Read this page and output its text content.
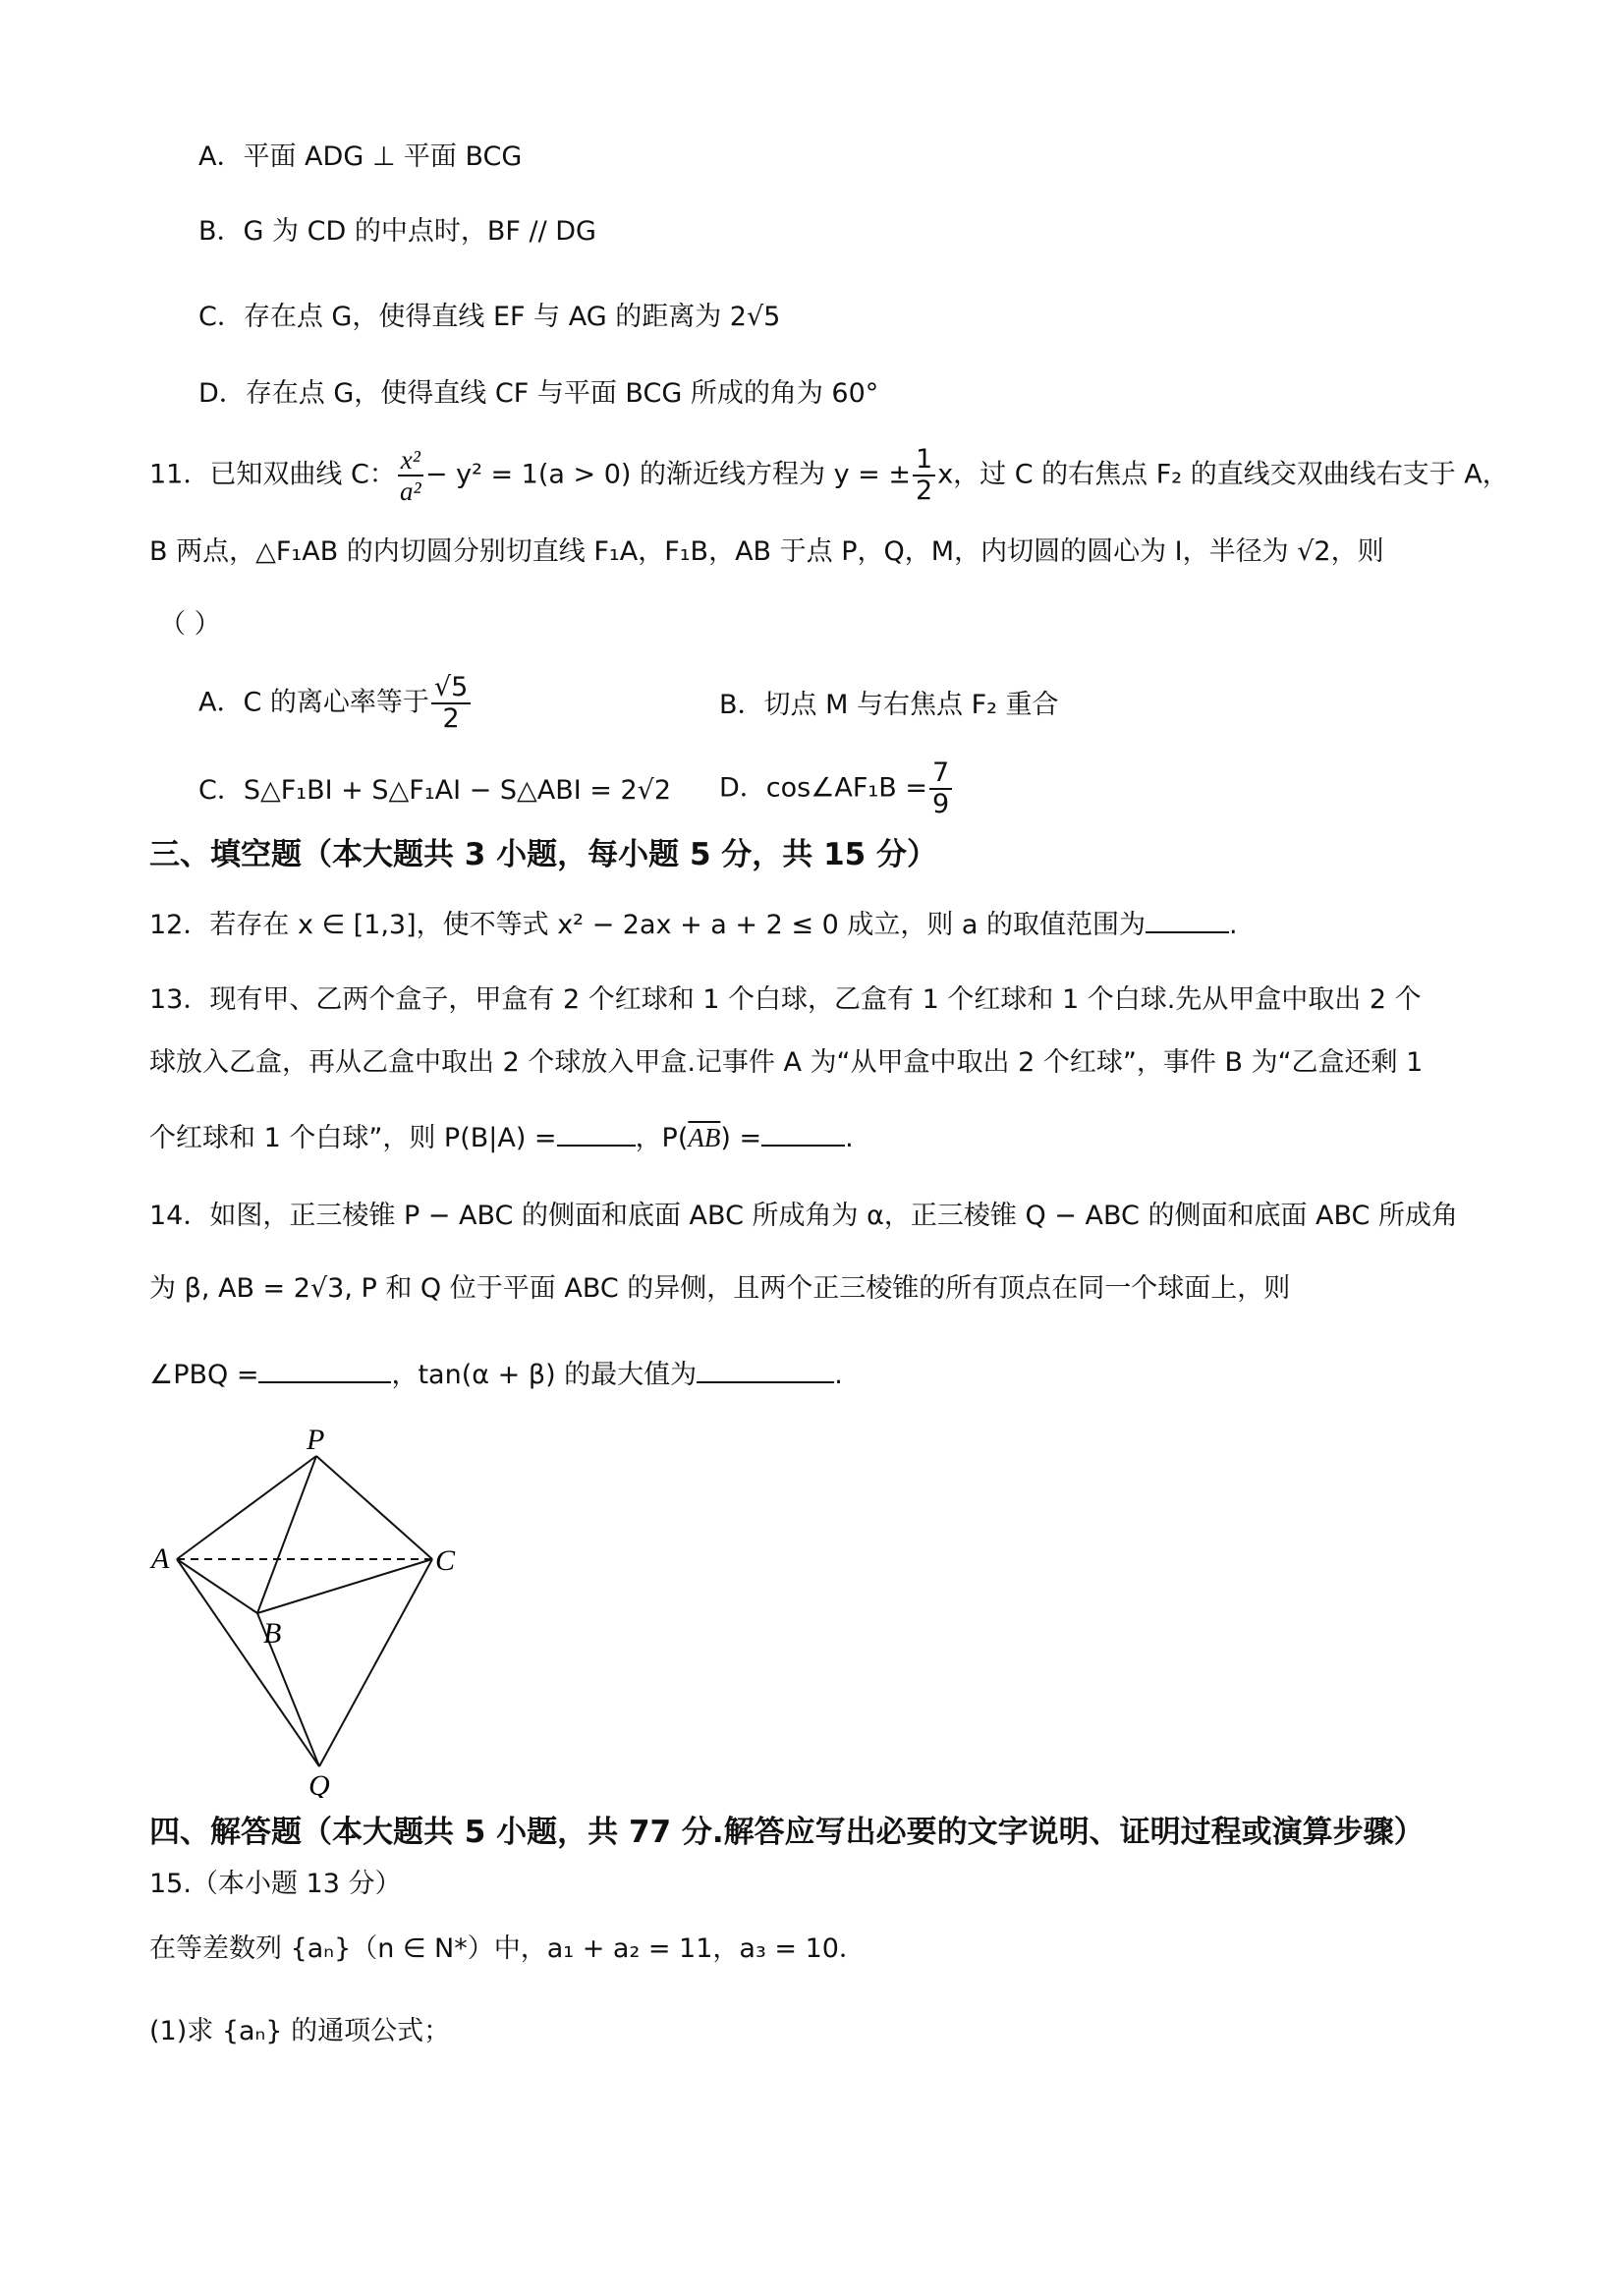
A．平面 ADG ⊥ 平面 BCG
B．G 为 CD 的中点时，BF // DG
C．存在点 G，使得直线 EF 与 AG 的距离为 2√5
D．存在点 G，使得直线 CF 与平面 BCG 所成的角为 60°
11．已知双曲线 C： $\frac{\text{x²}}{\text{a²}} - y^2 = 1(a > 0)$ 的渐近线方程为 y = ± $\frac{1}{2}$ x，过 C 的右焦点 F₂ 的直线交双曲线右支于 A，
B 两点，△F₁AB 的内切圆分别切直线 F₁A，F₁B，AB 于点 P，Q，M，内切圆的圆心为 I，半径为 √2，则
（ ）
A．C 的离心率等于 $\frac{√5}{2}$	B．切点 M 与右焦点 F₂ 重合
C．S△F₁BI + S△F₁AI − S△ABI = 2√2 D．cos∠AF₁B = $\frac{7}{9}$
三、填空题（本大题共 3 小题，每小题 5 分，共 15 分）
12．若存在 x ∈ [1,3]，使不等式 x² − 2ax + a + 2 ≤ 0 成立，则 a 的取值范围为	.
13．现有甲、乙两个盒子，甲盒有 2 个红球和 1 个白球，乙盒有 1 个红球和 1 个白球.先从甲盒中取出 2 个
球放入乙盒，再从乙盒中取出 2 个球放入甲盒.记事件 A 为“从甲盒中取出 2 个红球”，事件 B 为“乙盒还剩 1
个红球和 1 个白球”，则 P(B|A) =	，$P(\overline{AB})$ =	.
14．如图，正三棱锥 P − ABC 的侧面和底面 ABC 所成角为 α，正三棱锥 Q − ABC 的侧面和底面 ABC 所成角
为 β, AB = 2√3, P 和 Q 位于平面 ABC 的异侧，且两个正三棱锥的所有顶点在同一个球面上，则
∠PBQ =	，tan(α + β) 的最大值为	.
P
A	C
B
Q
四、解答题（本大题共 5 小题，共 77 分.解答应写出必要的文字说明、证明过程或演算步骤）
15.（本小题 13 分）
在等差数列 {aₙ}（n ∈ N*）中，a₁ + a₂ = 11，a₃ = 10．
(1)求 {aₙ} 的通项公式；
